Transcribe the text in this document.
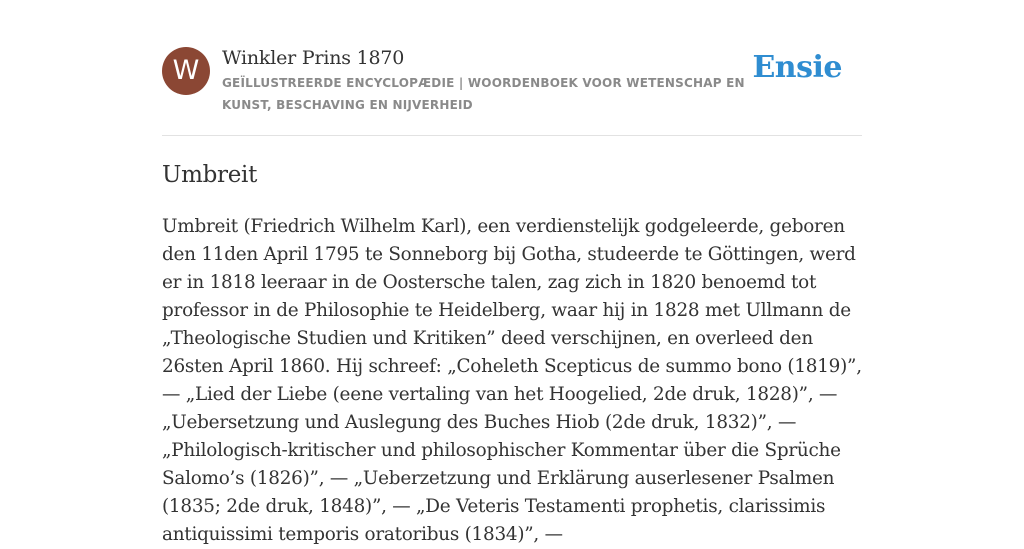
W	Winkler Prins 1870
GEÏLLUSTREERDE ENCYCLOPÆDIE | WOORDENBOEK VOOR WETENSCHAP EN KUNST, BESCHAVING EN NIJVERHEID
Ensie
Umbreit

Umbreit (Friedrich Wilhelm Karl), een verdienstelijk godgeleerde, geboren den 11den April 1795 te Sonneborg bij Gotha, studeerde te Göttingen, werd er in 1818 leeraar in de Oostersche talen, zag zich in 1820 benoemd tot professor in de Philosophie te Heidelberg, waar hij in 1828 met Ullmann de „Theologische Studien und Kritiken” deed verschijnen, en overleed den 26sten April 1860. Hij schreef: „Coheleth Scepticus de summo bono (1819)”, — „Lied der Liebe (eene vertaling van het Hoogelied, 2de druk, 1828)”, — „Uebersetzung und Auslegung des Buches Hiob (2de druk, 1832)”, — „Philologisch-kritischer und philosophischer Kommentar über die Sprüche Salomo’s (1826)”, — „Ueberzetzung und Erklärung auserlesener Psalmen (1835; 2de druk, 1848)”, — „De Veteris Testamenti prophetis, clarissimis antiquissimi temporis oratoribus (1834)”, —
